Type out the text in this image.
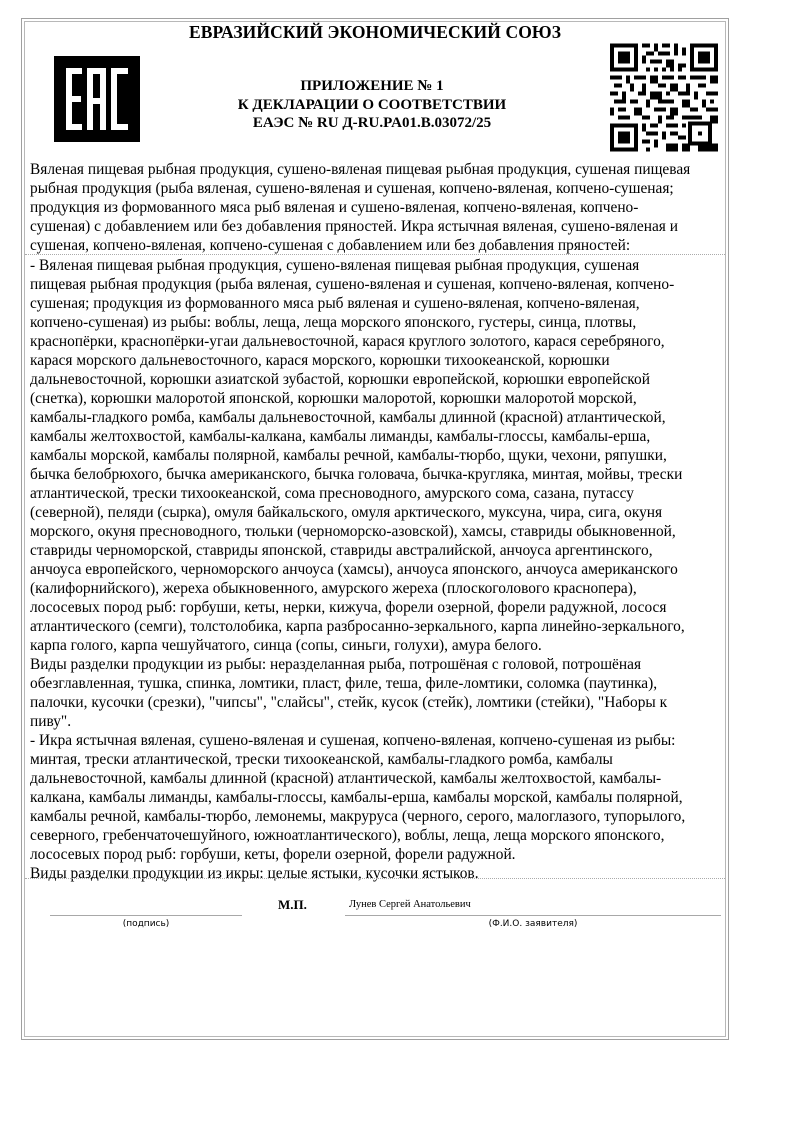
ЕВРАЗИЙСКИЙ ЭКОНОМИЧЕСКИЙ СОЮЗ
ПРИЛОЖЕНИЕ № 1
К ДЕКЛАРАЦИИ О СООТВЕТСТВИИ
ЕАЭС № RU Д-RU.PA01.B.03072/25
Вяленая пищевая рыбная продукция, сушено-вяленая пищевая рыбная продукция, сушеная пищевая
рыбная продукция (рыба вяленая, сушено-вяленая и сушеная, копчено-вяленая, копчено-сушеная;
продукция из формованного мяса рыб вяленая и сушено-вяленая, копчено-вяленая, копчено-
сушеная) с добавлением или без добавления пряностей. Икра ястычная вяленая, сушено-вяленая и
сушеная, копчено-вяленая, копчено-сушеная с добавлением или без добавления пряностей:
- Вяленая пищевая рыбная продукция, сушено-вяленая пищевая рыбная продукция, сушеная
пищевая рыбная продукция (рыба вяленая, сушено-вяленая и сушеная, копчено-вяленая, копчено-
сушеная; продукция из формованного мяса рыб вяленая и сушено-вяленая, копчено-вяленая,
копчено-сушеная) из рыбы: воблы, леща, леща морского японского, густеры, синца, плотвы,
краснопёрки, краснопёрки-угаи дальневосточной, карася круглого золотого, карася серебряного,
карася морского дальневосточного, карася морского, корюшки тихоокеанской, корюшки
дальневосточной, корюшки азиатской зубастой, корюшки европейской, корюшки европейской
(снетка), корюшки малоротой японской, корюшки малоротой, корюшки малоротой морской,
камбалы-гладкого ромба, камбалы дальневосточной, камбалы длинной (красной) атлантической,
камбалы желтохвостой, камбалы-калкана, камбалы лиманды, камбалы-глоссы, камбалы-ерша,
камбалы морской, камбалы полярной, камбалы речной, камбалы-тюрбо, щуки, чехони, ряпушки,
бычка белобрюхого, бычка американского, бычка головача, бычка-кругляка, минтая, мойвы, трески
атлантической, трески тихоокеанской, сома пресноводного, амурского сома, сазана, путассу
(северной), пеляди (сырка), омуля байкальского, омуля арктического, муксуна, чира, сига, окуня
морского, окуня пресноводного, тюльки (черноморско-азовской), хамсы, ставриды обыкновенной,
ставриды черноморской, ставриды японской, ставриды австралийской, анчоуса аргентинского,
анчоуса европейского, черноморского анчоуса (хамсы), анчоуса японского, анчоуса американского
(калифорнийского), жереха обыкновенного, амурского жереха (плоскоголового краснопера),
лососевых пород рыб: горбуши, кеты, нерки, кижуча, форели озерной, форели радужной, лосося
атлантического (семги), толстолобика, карпа разбросанно-зеркального, карпа линейно-зеркального,
карпа голого, карпа чешуйчатого, синца (сопы, синьги, голухи), амура белого.
Виды разделки продукции из рыбы: неразделанная рыба, потрошёная с головой, потрошёная
обезглавленная, тушка, спинка, ломтики, пласт, филе, теша, филе-ломтики, соломка (паутинка),
палочки, кусочки (срезки), "чипсы", "слайсы", стейк, кусок (стейк), ломтики (стейки), "Наборы к
пиву".
- Икра ястычная вяленая, сушено-вяленая и сушеная, копчено-вяленая, копчено-сушеная из рыбы:
минтая, трески атлантической, трески тихоокеанской, камбалы-гладкого ромба, камбалы
дальневосточной, камбалы длинной (красной) атлантической, камбалы желтохвостой, камбалы-
калкана, камбалы лиманды, камбалы-глоссы, камбалы-ерша, камбалы морской, камбалы полярной,
камбалы речной, камбалы-тюрбо, лемонемы, макруруса (черного, серого, малоглазого, тупорылого,
северного, гребенчаточешуйного, южноатлантического), воблы, леща, леща морского японского,
лососевых пород рыб: горбуши, кеты, форели озерной, форели радужной.
Виды разделки продукции из икры: целые ястыки, кусочки ястыков.
(подпись)
М.П.	Лунев Сергей Анатольевич
(Ф.И.О. заявителя)
